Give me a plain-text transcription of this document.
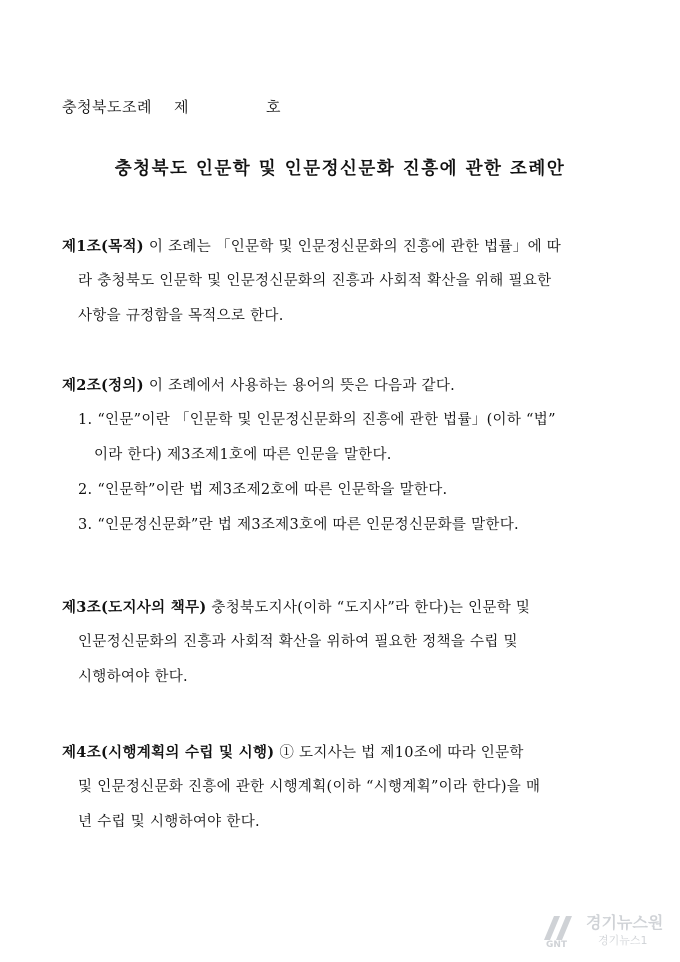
충청북도조례 제	호
충청북도 인문학 및 인문정신문화 진흥에 관한 조례안
제1조(목적) 이 조례는 「인문학 및 인문정신문화의 진흥에 관한 법률」에 따
라 충청북도 인문학 및 인문정신문화의 진흥과 사회적 확산을 위해 필요한
사항을 규정함을 목적으로 한다.
제2조(정의) 이 조례에서 사용하는 용어의 뜻은 다음과 같다.
1. “인문”이란 「인문학 및 인문정신문화의 진흥에 관한 법률」(이하 “법”
이라 한다) 제3조제1호에 따른 인문을 말한다.
2. “인문학”이란 법 제3조제2호에 따른 인문학을 말한다.
3. “인문정신문화”란 법 제3조제3호에 따른 인문정신문화를 말한다.
제3조(도지사의 책무) 충청북도지사(이하 “도지사”라 한다)는 인문학 및
인문정신문화의 진흥과 사회적 확산을 위하여 필요한 정책을 수립 및
시행하여야 한다.
제4조(시행계획의 수립 및 시행) ① 도지사는 법 제10조에 따라 인문학
및 인문정신문화 진흥에 관한 시행계획(이하 “시행계획”이라 한다)을 매
년 수립 및 시행하여야 한다.
GNT
경기뉴스원
경기뉴스1
